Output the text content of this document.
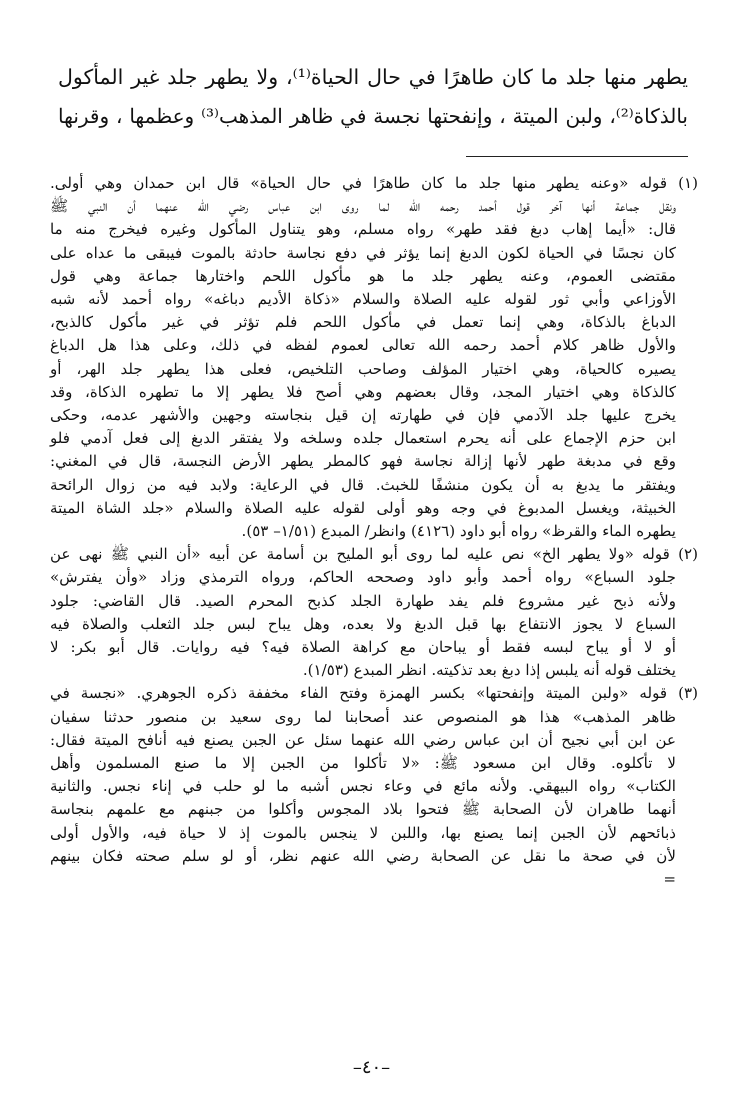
يطهر منها جلد ما كان طاهرًا في حال الحياة⁽¹⁾، ولا يطهر جلد غير المأكول
بالذكاة⁽²⁾، ولبن الميتة ، وإنفحتها نجسة في ظاهر المذهب⁽³⁾ وعظمها ، وقرنها
(١) قوله «وعنه يطهر منها جلد ما كان طاهرًا في حال الحياة» قال ابن حمدان وهي أولى.
ونقل جماعة أنها آخر قول أحمد رحمه الله لما روى ابن عباس رضي الله عنهما أن النبي ﷺ
قال: «أيما إهاب دبغ فقد طهر» رواه مسلم، وهو يتناول المأكول وغيره فيخرج منه ما
كان نجسًا في الحياة لكون الدبغ إنما يؤثر في دفع نجاسة حادثة بالموت فيبقى ما عداه على
مقتضى العموم، وعنه يطهر جلد ما هو مأكول اللحم واختارها جماعة وهي قول
الأوزاعي وأبي ثور لقوله عليه الصلاة والسلام «ذكاة الأديم دباغه» رواه أحمد لأنه شبه
الدباغ بالذكاة، وهي إنما تعمل في مأكول اللحم فلم تؤثر في غير مأكول كالذبح،
والأول ظاهر كلام أحمد رحمه الله تعالى لعموم لفظه في ذلك، وعلى هذا هل الدباغ
يصيره كالحياة، وهي اختيار المؤلف وصاحب التلخيص، فعلى هذا يطهر جلد الهر، أو
كالذكاة وهي اختيار المجد، وقال بعضهم وهي أصح فلا يطهر إلا ما تطهره الذكاة، وقد
يخرج عليها جلد الآدمي فإن في طهارته إن قيل بنجاسته وجهين والأشهر عدمه، وحكى
ابن حزم الإجماع على أنه يحرم استعمال جلده وسلخه ولا يفتقر الدبغ إلى فعل آدمي فلو
وقع في مدبغة طهر لأنها إزالة نجاسة فهو كالمطر يطهر الأرض النجسة، قال في المغني:
ويفتقر ما يدبغ به أن يكون منشفًا للخبث. قال في الرعاية: ولابد فيه من زوال الرائحة
الخبيثة، ويغسل المدبوغ في وجه وهو أولى لقوله عليه الصلاة والسلام «جلد الشاة الميتة
يطهره الماء والقرظ» رواه أبو داود (٤١٢٦) وانظر/ المبدع (١/٥١– ٥٣).
(٢) قوله «ولا يطهر الخ» نص عليه لما روى أبو المليح بن أسامة عن أبيه «أن النبي ﷺ نهى عن
جلود السباع» رواه أحمد وأبو داود وصححه الحاكم، ورواه الترمذي وزاد «وأن يفترش»
ولأنه ذبح غير مشروع فلم يفد طهارة الجلد كذبح المحرم الصيد. قال القاضي: جلود
السباع لا يجوز الانتفاع بها قبل الدبغ ولا بعده، وهل يباح لبس جلد الثعلب والصلاة فيه
أو لا أو يباح لبسه فقط أو يباحان مع كراهة الصلاة فيه؟ فيه روايات. قال أبو بكر: لا
يختلف قوله أنه يلبس إذا دبغ بعد تذكيته. انظر المبدع (١/٥٣).
(٣) قوله «ولبن الميتة وإنفحتها» بكسر الهمزة وفتح الفاء مخففة ذكره الجوهري. «نجسة في
ظاهر المذهب» هذا هو المنصوص عند أصحابنا لما روى سعيد بن منصور حدثنا سفيان
عن ابن أبي نجيح أن ابن عباس رضي الله عنهما سئل عن الجبن يصنع فيه أنافح الميتة فقال:
لا تأكلوه. وقال ابن مسعود ﷺ: «لا تأكلوا من الجبن إلا ما صنع المسلمون وأهل
الكتاب» رواه البيهقي. ولأنه مائع في وعاء نجس أشبه ما لو حلب في إناء نجس. والثانية
أنهما طاهران لأن الصحابة ﷺ فتحوا بلاد المجوس وأكلوا من جبنهم مع علمهم بنجاسة
ذبائحهم لأن الجبن إنما يصنع بها، واللبن لا ينجس بالموت إذ لا حياة فيه، والأول أولى
لأن في صحة ما نقل عن الصحابة رضي الله عنهم نظر، أو لو سلم صحته فكان بينهم
=
–٤٠–
